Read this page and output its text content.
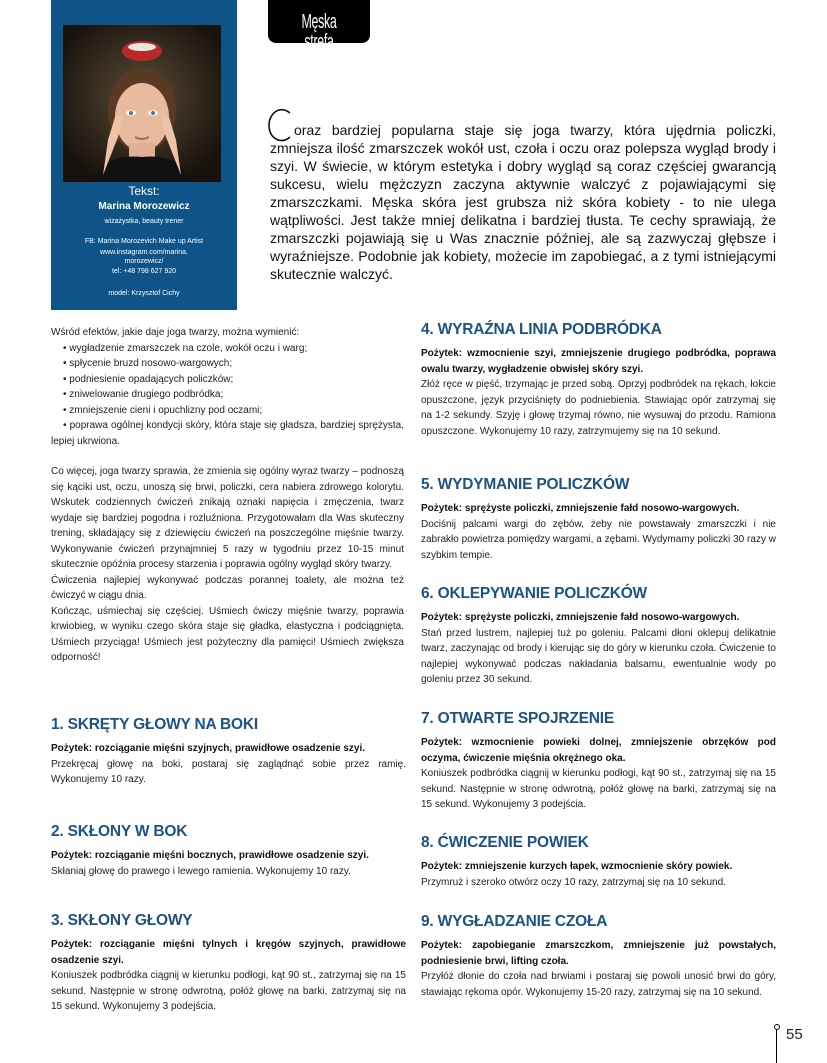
Męska strefa
Tekst:
Marina Morozewicz
wizażystka, beauty trener
FB: Marina Morozevich Make up Artist
www.instagram.com/marina.
morozewicz/
tel: +48 798 627 920
model: Krzysztof Cichy

oraz bardziej popularna staje się joga twarzy, która ujędrnia policzki, zmniejsza ilość zmarszczek wokół ust, czoła i oczu oraz polepsza wygląd brody i szyi. W świecie, w którym estetyka i dobry wygląd są coraz częściej gwarancją sukcesu, wielu mężczyzn zaczyna aktywnie walczyć z pojawiającymi się zmarszczkami. Męska skóra jest grubsza niż skóra kobiety - to nie ulega wątpliwości. Jest także mniej delikatna i bardziej tłusta. Te cechy sprawiają, że zmarszczki pojawiają się u Was znacznie później, ale są zazwyczaj głębsze i wyraźniejsze. Podobnie jak kobiety, możecie im zapobiegać, a z tymi istniejącymi skutecznie walczyć.

Wśród efektów, jakie daje joga twarzy, można wymienić:

• wygładzenie zmarszczek na czole, wokół oczu i warg;
• spłycenie bruzd nosowo-wargowych;
• podniesienie opadających policzków;
• zniwelowanie drugiego podbródka;
• zmniejszenie cieni i opuchlizny pod oczami;
• poprawa ogólnej kondycji skóry, która staje się gładsza, bardziej sprężysta, lepiej ukrwiona.

Co więcej, joga twarzy sprawia, że zmienia się ogólny wyraz twarzy – podnoszą się kąciki ust, oczu, unoszą się brwi, policzki, cera nabiera zdrowego kolorytu. Wskutek codziennych ćwiczeń znikają oznaki napięcia i zmęczenia, twarz wydaje się bardziej pogodna i rozluźniona. Przygotowałam dla Was skuteczny trening, składający się z dziewięciu ćwiczeń na poszczególne mięśnie twarzy. Wykonywanie ćwiczeń przynajmniej 5 razy w tygodniu przez 10-15 minut skutecznie opóźnia procesy starzenia i poprawia ogólny wygląd skóry twarzy.

Ćwiczenia najlepiej wykonywać podczas porannej toalety, ale można też ćwiczyć w ciągu dnia.

Kończąc, uśmiechaj się częściej. Uśmiech ćwiczy mięśnie twarzy, poprawia krwiobieg, w wyniku czego skóra staje się gładka, elastyczna i podciągnięta. Uśmiech przyciąga! Uśmiech jest pożyteczny dla pamięci! Uśmiech zwiększa odporność!

1. SKRĘTY GŁOWY NA BOKI
Pożytek: rozciąganie mięśni szyjnych, prawidłowe osadzenie szyi.
Przekręcaj głowę na boki, postaraj się zaglądnąć sobie przez ramię. Wykonujemy 10 razy.
2. SKŁONY W BOK
Pożytek: rozciąganie mięśni bocznych, prawidłowe osadzenie szyi.
Skłaniaj głowę do prawego i lewego ramienia. Wykonujemy 10 razy.
3. SKŁONY GŁOWY
Pożytek: rozciąganie mięśni tylnych i kręgów szyjnych, prawidłowe osadzenie szyi.
Koniuszek podbródka ciągnij w kierunku podłogi, kąt 90 st., zatrzymaj się na 15 sekund. Następnie w stronę odwrotną, połóż głowę na barki, zatrzymaj się na 15 sekund. Wykonujemy 3 podejścia.
4. WYRAŹNA LINIA PODBRÓDKA
Pożytek: wzmocnienie szyi, zmniejszenie drugiego podbródka, poprawa owalu twarzy, wygładzenie obwisłej skóry szyi.
Złóż ręce w pięść, trzymając je przed sobą. Oprzyj podbródek na rękach, łokcie opuszczone, język przyciśnięty do podniebienia. Stawiając opór zatrzymaj się na 1-2 sekundy. Szyję i głowę trzymaj równo, nie wysuwaj do przodu. Ramiona opuszczone. Wykonujemy 10 razy, zatrzymujemy się na 10 sekund.
5. WYDYMANIE POLICZKÓW
Pożytek: sprężyste policzki, zmniejszenie fałd nosowo-wargowych.
Dociśnij palcami wargi do zębów, żeby nie powstawały zmarszczki i nie zabrakło powietrza pomiędzy wargami, a zębami. Wydymamy policzki 30 razy w szybkim tempie.
6. OKLEPYWANIE POLICZKÓW
Pożytek: sprężyste policzki, zmniejszenie fałd nosowo-wargowych.
Stań przed lustrem, najlepiej tuż po goleniu. Palcami dłoni oklepuj delikatnie twarz, zaczynając od brody i kierując się do góry w kierunku czoła. Ćwiczenie to najlepiej wykonywać podczas nakładania balsamu, ewentualnie wody po goleniu przez 30 sekund.
7. OTWARTE SPOJRZENIE
Pożytek: wzmocnienie powieki dolnej, zmniejszenie obrzęków pod oczyma, ćwiczenie mięśnia okrężnego oka.
Koniuszek podbródka ciągnij w kierunku podłogi, kąt 90 st., zatrzymaj się na 15 sekund. Następnie w stronę odwrotną, połóż głowę na barki, zatrzymaj się na 15 sekund. Wykonujemy 3 podejścia.
8. ĆWICZENIE POWIEK
Pożytek: zmniejszenie kurzych łapek, wzmocnienie skóry powiek.
Przymruż i szeroko otwórz oczy 10 razy, zatrzymaj się na 10 sekund.
9. WYGŁADZANIE CZOŁA
Pożytek: zapobieganie zmarszczkom, zmniejszenie już powstałych, podniesienie brwi, lifting czoła.
Przyłóż dłonie do czoła nad brwiami i postaraj się powoli unosić brwi do góry, stawiając rękoma opór. Wykonujemy 15-20 razy, zatrzymaj się na 10 sekund.
55
